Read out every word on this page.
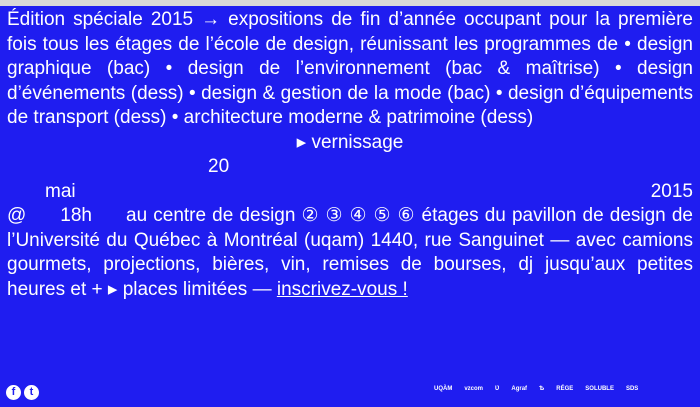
Édition spéciale 2015 → expositions de fin d’année occupant pour la première fois tous les étages de l’école de design, réunissant les programmes de • design graphique (bac) • design de l’environnement (bac & maîtrise) • design d’événements (dess) • design & gestion de la mode (bac) • design d’équipements de transport (dess) • architecture moderne & patrimoine (dess)

▸ vernissage

20

mai	2015

@ 18h au centre de design ② ③ ④ ⑤ ⑥ étages du pavillon de design de l’Université du Québec à Montréal (uqam) 1440, rue Sanguinet — avec camions gourmets, projections, bières, vin, remises de bourses, dj jusqu’aux petites heures et + ▸ places limitées — inscrivez-vous !

f	t	UQÀM vzcom Ʋ Agraf Ѣ RÉGE SOLUBLE SDS
